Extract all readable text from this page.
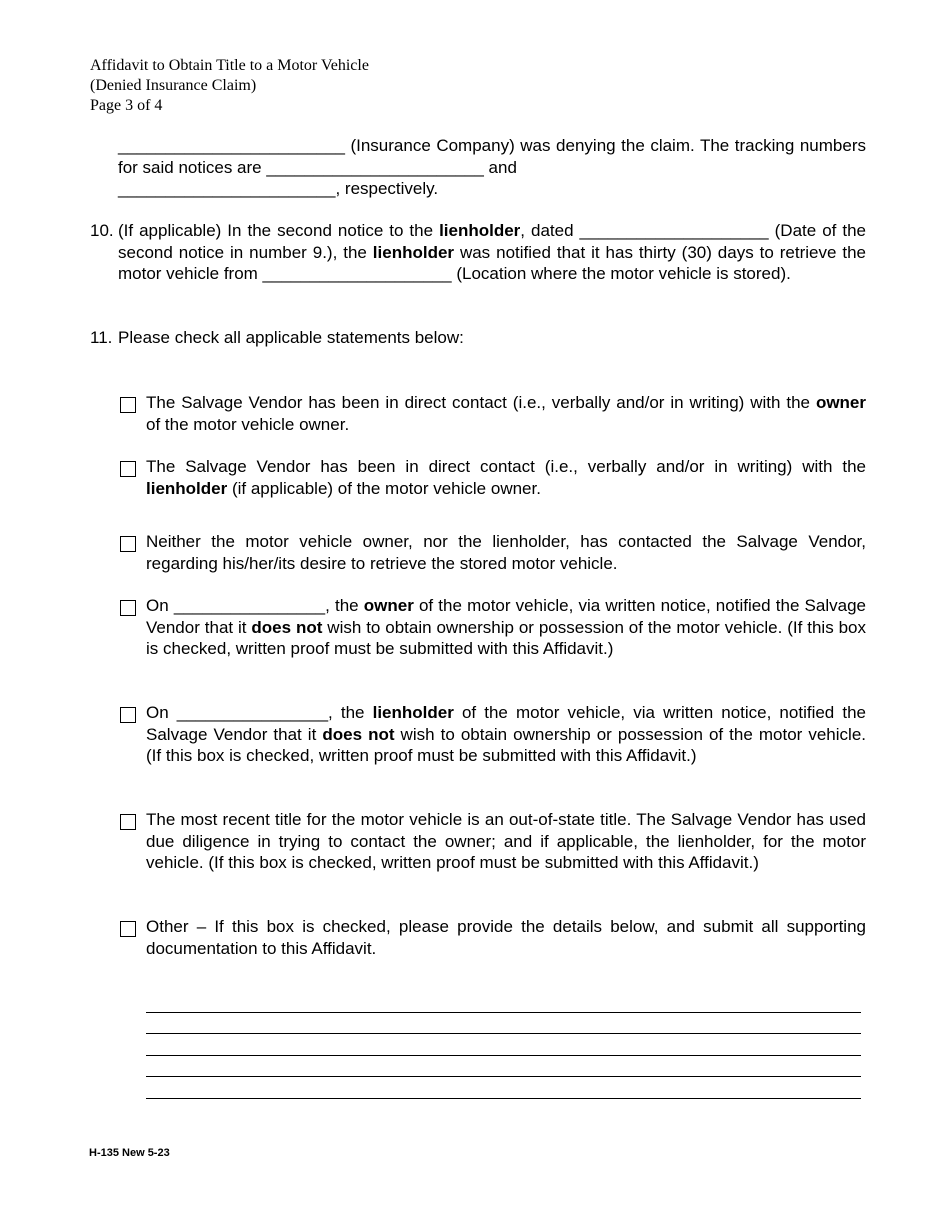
Affidavit to Obtain Title to a Motor Vehicle
(Denied Insurance Claim)
Page 3 of 4
________________________ (Insurance Company) was denying the claim. The tracking numbers for said notices are _______________________ and
_______________________, respectively.
10. (If applicable) In the second notice to the lienholder, dated ____________________ (Date of the second notice in number 9.), the lienholder was notified that it has thirty (30) days to retrieve the motor vehicle from ____________________ (Location where the motor vehicle is stored).
11. Please check all applicable statements below:
The Salvage Vendor has been in direct contact (i.e., verbally and/or in writing) with the owner of the motor vehicle owner.
The Salvage Vendor has been in direct contact (i.e., verbally and/or in writing) with the lienholder (if applicable) of the motor vehicle owner.
Neither the motor vehicle owner, nor the lienholder, has contacted the Salvage Vendor, regarding his/her/its desire to retrieve the stored motor vehicle.
On ________________, the owner of the motor vehicle, via written notice, notified the Salvage Vendor that it does not wish to obtain ownership or possession of the motor vehicle. (If this box is checked, written proof must be submitted with this Affidavit.)
On ________________, the lienholder of the motor vehicle, via written notice, notified the Salvage Vendor that it does not wish to obtain ownership or possession of the motor vehicle. (If this box is checked, written proof must be submitted with this Affidavit.)
The most recent title for the motor vehicle is an out-of-state title. The Salvage Vendor has used due diligence in trying to contact the owner; and if applicable, the lienholder, for the motor vehicle. (If this box is checked, written proof must be submitted with this Affidavit.)
Other – If this box is checked, please provide the details below, and submit all supporting documentation to this Affidavit.
H-135 New 5-23
